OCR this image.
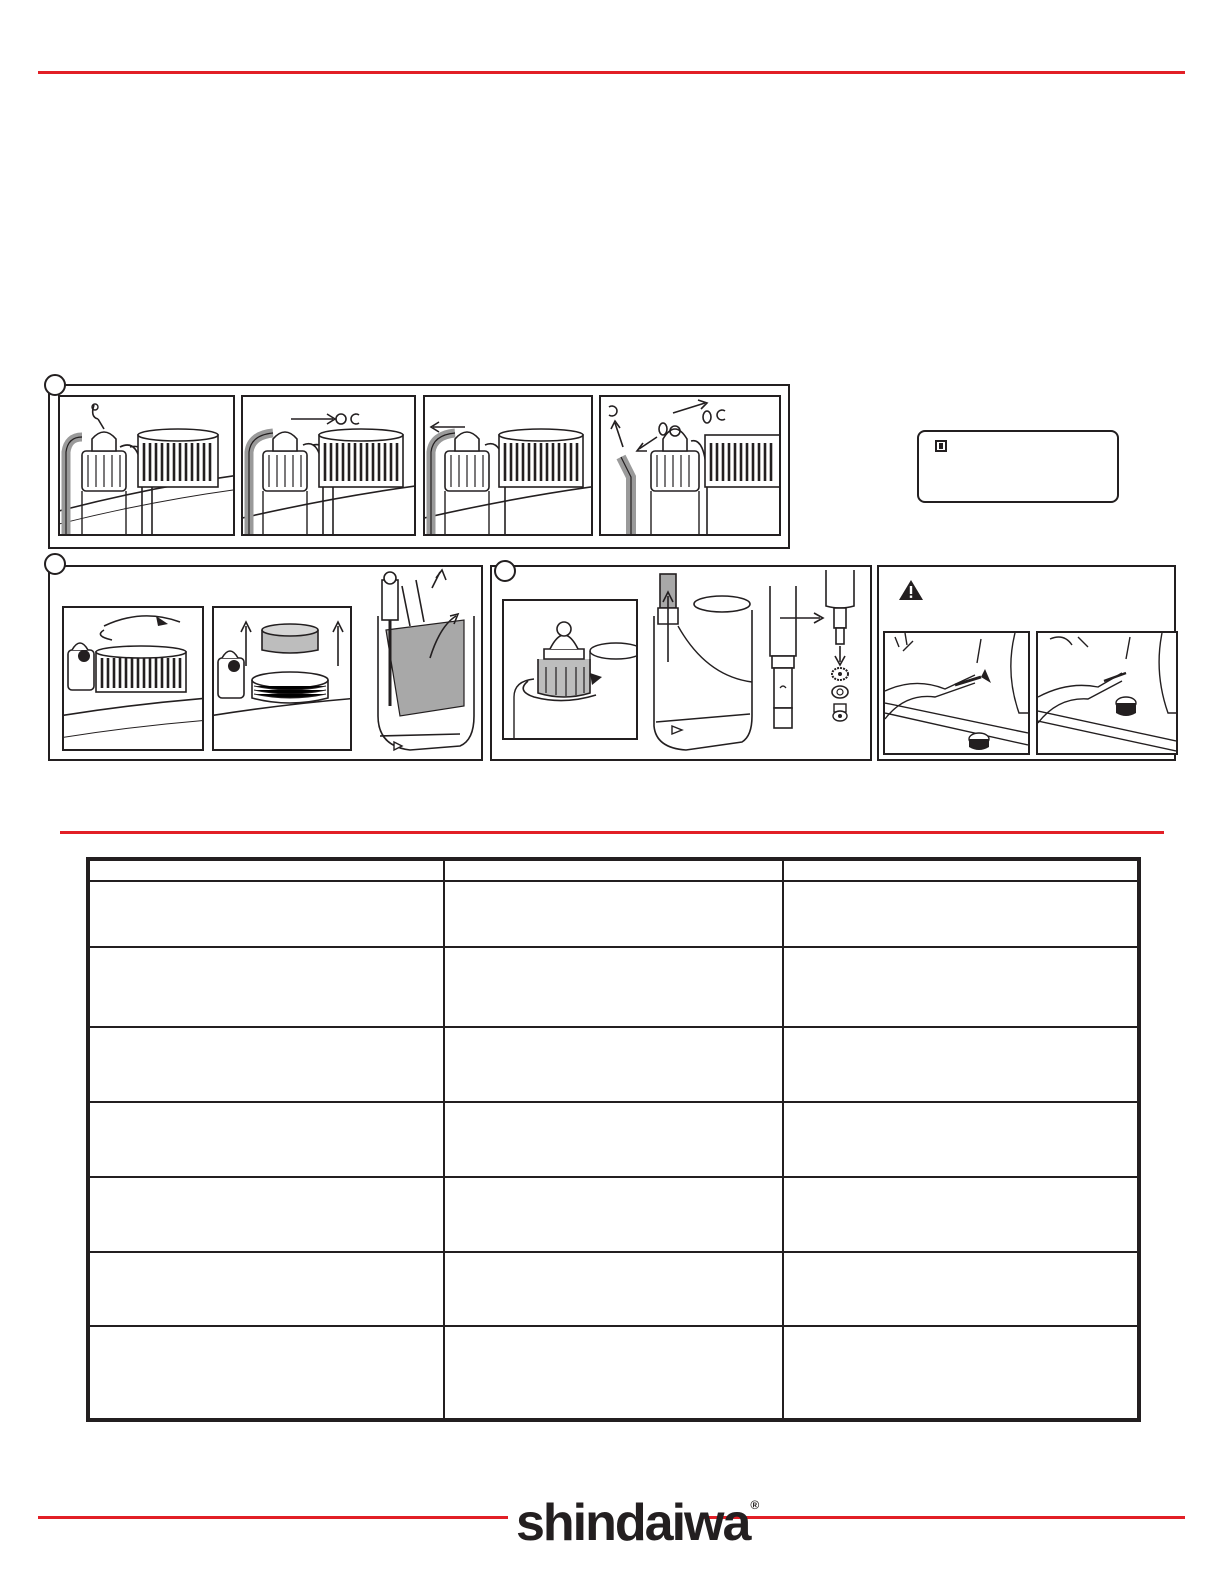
shindaiwa®
